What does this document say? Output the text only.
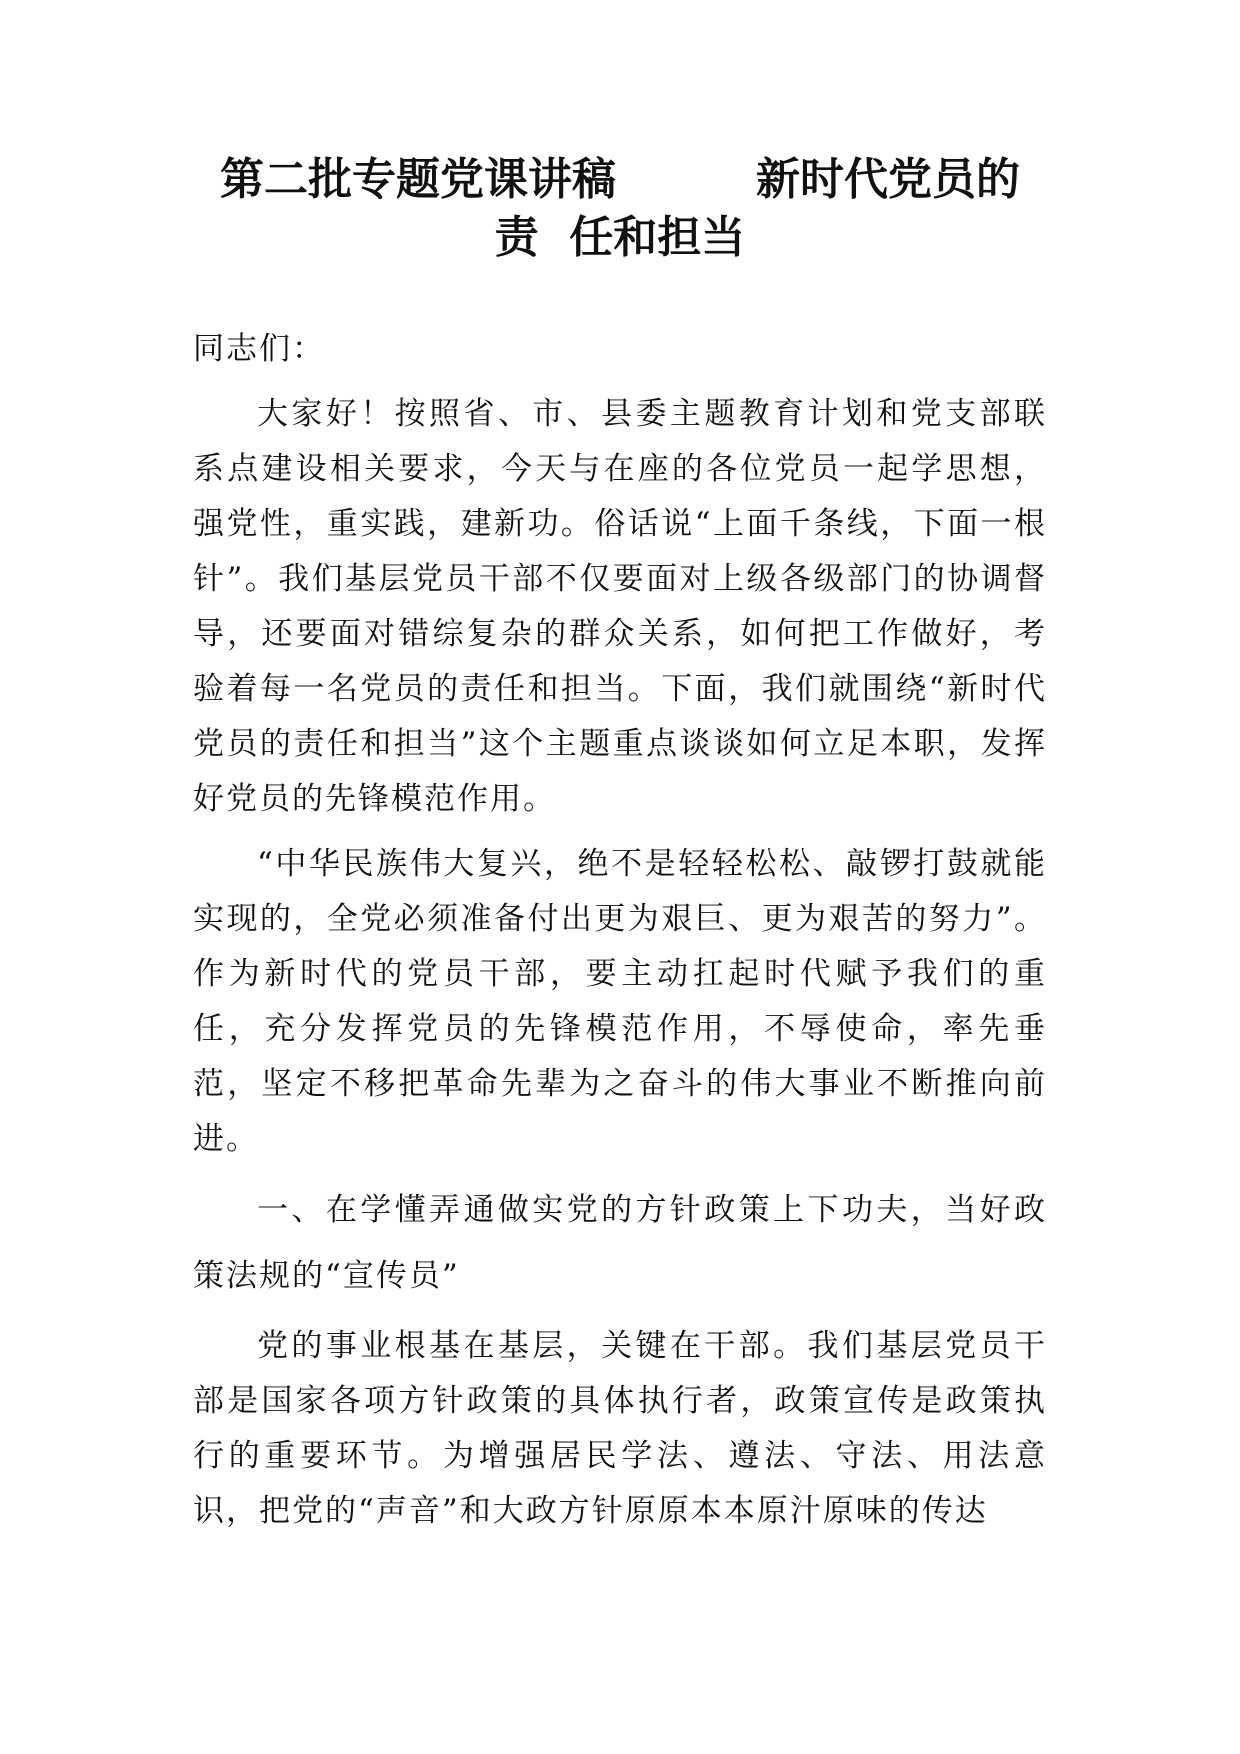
第二批专题党课讲稿	新时代党员的
责  任和担当

同志们：

大家好！按照省、市、县委主题教育计划和党支部联系点建设相关要求，今天与在座的各位党员一起学思想，强党性，重实践，建新功。俗话说“上面千条线，下面一根针”。我们基层党员干部不仅要面对上级各级部门的协调督导，还要面对错综复杂的群众关系，如何把工作做好，考验着每一名党员的责任和担当。下面，我们就围绕“新时代党员的责任和担当”这个主题重点谈谈如何立足本职，发挥好党员的先锋模范作用。

“中华民族伟大复兴，绝不是轻轻松松、敲锣打鼓就能实现的，全党必须准备付出更为艰巨、更为艰苦的努力”。作为新时代的党员干部，要主动扛起时代赋予我们的重任，充分发挥党员的先锋模范作用，不辱使命，率先垂范，坚定不移把革命先辈为之奋斗的伟大事业不断推向前进。

一、在学懂弄通做实党的方针政策上下功夫，当好政策法规的“宣传员”

党的事业根基在基层，关键在干部。我们基层党员干部是国家各项方针政策的具体执行者，政策宣传是政策执行的重要环节。为增强居民学法、遵法、守法、用法意识，把党的“声音”和大政方针原原本本原汁原味的传达
